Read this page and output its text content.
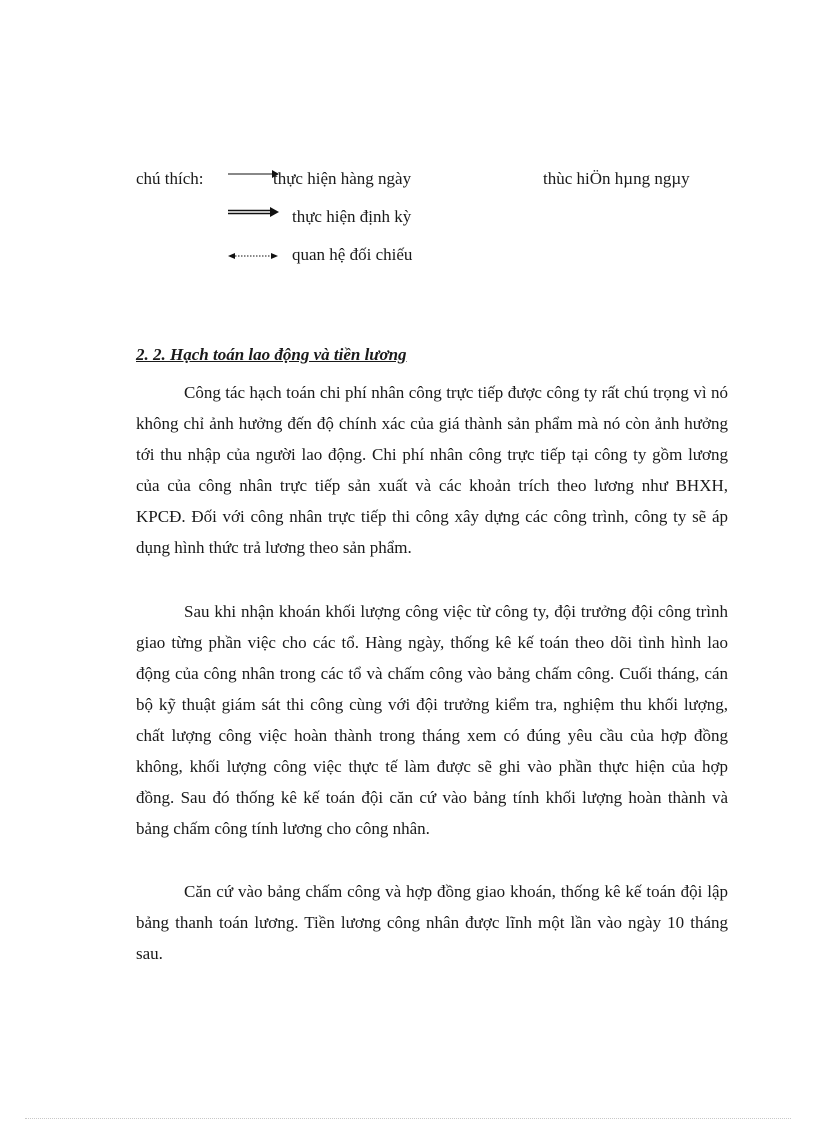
chú thích:	thực hiện hàng ngày	thùc hiÖn hµng ngµy
thực hiện định kỳ
quan hệ đối chiếu
2. 2. Hạch toán lao động và tiền lương

Công tác hạch toán chi phí nhân công trực tiếp được công ty rất chú trọng vì nó không chỉ ảnh hưởng đến độ chính xác của giá thành sản phẩm mà nó còn ảnh hưởng tới thu nhập của người lao động. Chi phí nhân công trực tiếp tại công ty gồm lương của của công nhân trực tiếp sản xuất và các khoản trích theo lương như BHXH, KPCĐ. Đối với công nhân trực tiếp thi công xây dựng các công trình, công ty sẽ áp dụng hình thức trả lương theo sản phẩm.

Sau khi nhận khoán khối lượng công việc từ công ty, đội trưởng đội công trình giao từng phần việc cho các tổ. Hàng ngày, thống kê kế toán theo dõi tình hình lao động của công nhân trong các tổ và chấm công vào bảng chấm công. Cuối tháng, cán bộ kỹ thuật giám sát thi công cùng với đội trưởng kiểm tra, nghiệm thu khối lượng, chất lượng công việc hoàn thành trong tháng xem có đúng yêu cầu của hợp đồng không, khối lượng công việc thực tế làm được sẽ ghi vào phần thực hiện của hợp đồng. Sau đó thống kê kế toán đội căn cứ vào bảng tính khối lượng hoàn thành và bảng chấm công tính lương cho công nhân.

Căn cứ vào bảng chấm công và hợp đồng giao khoán, thống kê kế toán đội lập bảng thanh toán lương. Tiền lương công nhân được lĩnh một lần vào ngày 10 tháng sau.
